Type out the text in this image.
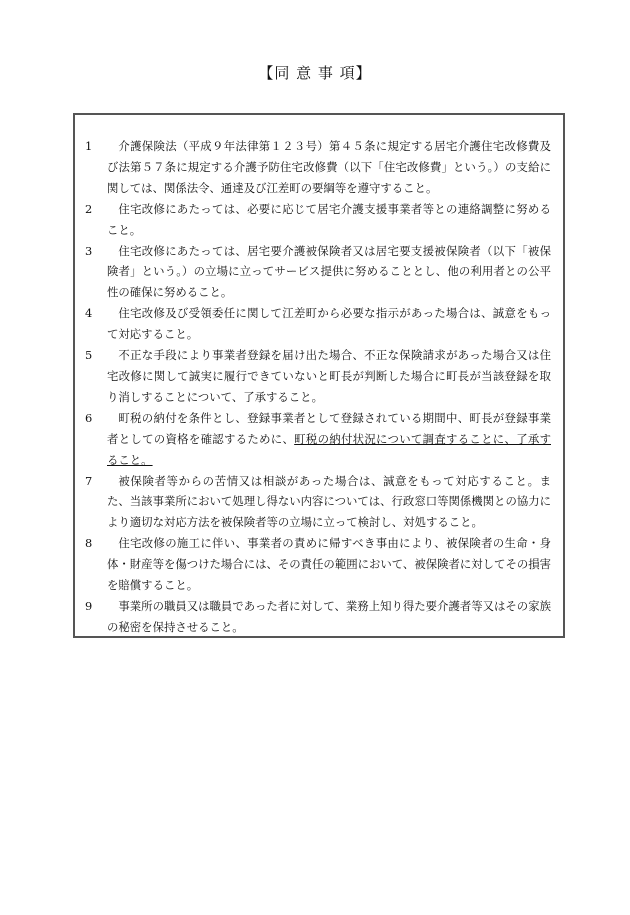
【同 意 事 項】
1	介護保険法（平成９年法律第１２３号）第４５条に規定する居宅介護住宅改修費及び法第５７条に規定する介護予防住宅改修費（以下「住宅改修費」という。）の支給に関しては、関係法令、通達及び江差町の要綱等を遵守すること。
2	住宅改修にあたっては、必要に応じて居宅介護支援事業者等との連絡調整に努めること。
3	住宅改修にあたっては、居宅要介護被保険者又は居宅要支援被保険者（以下「被保険者」という。）の立場に立ってサービス提供に努めることとし、他の利用者との公平性の確保に努めること。
4	住宅改修及び受領委任に関して江差町から必要な指示があった場合は、誠意をもって対応すること。
5	不正な手段により事業者登録を届け出た場合、不正な保険請求があった場合又は住宅改修に関して誠実に履行できていないと町長が判断した場合に町長が当該登録を取り消しすることについて、了承すること。
6	町税の納付を条件とし、登録事業者として登録されている期間中、町長が登録事業者としての資格を確認するために、町税の納付状況について調査することに、了承すること。
7	被保険者等からの苦情又は相談があった場合は、誠意をもって対応すること。また、当該事業所において処理し得ない内容については、行政窓口等関係機関との協力により適切な対応方法を被保険者等の立場に立って検討し、対処すること。
8	住宅改修の施工に伴い、事業者の責めに帰すべき事由により、被保険者の生命・身体・財産等を傷つけた場合には、その責任の範囲において、被保険者に対してその損害を賠償すること。
9	事業所の職員又は職員であった者に対して、業務上知り得た要介護者等又はその家族の秘密を保持させること。
